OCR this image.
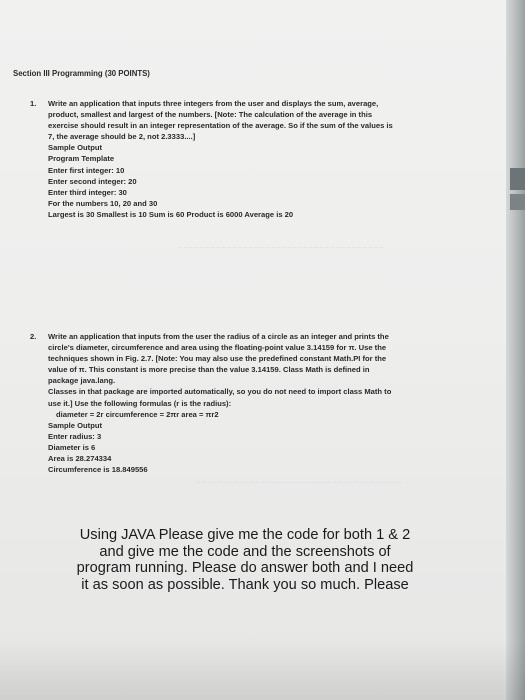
Section III Programming (30 POINTS)
1. Write an application that inputs three integers from the user and displays the sum, average,
product, smallest and largest of the numbers. [Note: The calculation of the average in this
exercise should result in an integer representation of the average. So if the sum of the values is
7, the average should be 2, not 2.3333....]
Sample Output
Program Template
Enter first integer: 10
Enter second integer: 20
Enter third integer: 30
For the numbers 10, 20 and 30
Largest is 30 Smallest is 10 Sum is 60 Product is 6000 Average is 20
~~~~~~~~~~~~~~~~~~~~~~~~~~~~~~~~~~~~~~
2. Write an application that inputs from the user the radius of a circle as an integer and prints the
circle's diameter, circumference and area using the floating-point value 3.14159 for π. Use the
techniques shown in Fig. 2.7. [Note: You may also use the predefined constant Math.PI for the
value of π. This constant is more precise than the value 3.14159. Class Math is defined in
package java.lang.
Classes in that package are imported automatically, so you do not need to import class Math to
use it.] Use the following formulas (r is the radius):
diameter = 2r circumference = 2πr area = πr2
Sample Output
Enter radius: 3
Diameter is 6
Area is 28.274334
Circumference is 18.849556
~~~~~~~~~~~~~~~~~~~~~~~~~~~~~~~~~~~~~~
Using JAVA Please give me the code for both 1 & 2
and give me the code and the screenshots of
program running. Please do answer both and I need
it as soon as possible. Thank you so much. Please
